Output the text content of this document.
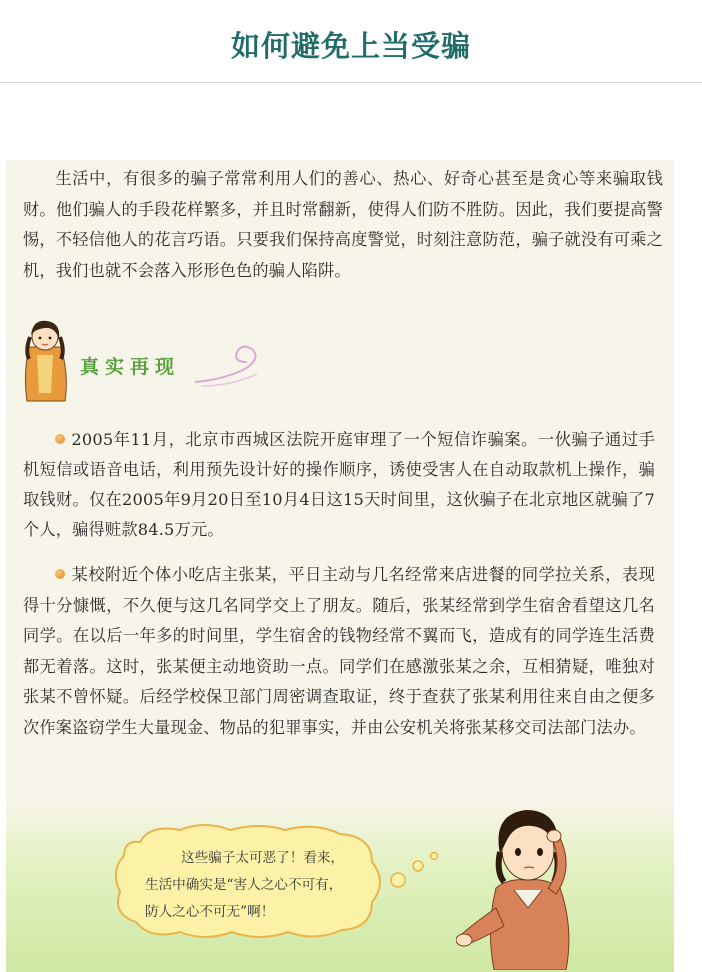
如何避免上当受骗

生活中，有很多的骗子常常利用人们的善心、热心、好奇心甚至是贪心等来骗取钱财。他们骗人的手段花样繁多，并且时常翻新，使得人们防不胜防。因此，我们要提高警惕，不轻信他人的花言巧语。只要我们保持高度警觉，时刻注意防范，骗子就没有可乘之机，我们也就不会落入形形色色的骗人陷阱。

真实再现

2005年11月，北京市西城区法院开庭审理了一个短信诈骗案。一伙骗子通过手机短信或语音电话，利用预先设计好的操作顺序，诱使受害人在自动取款机上操作，骗取钱财。仅在2005年9月20日至10月4日这15天时间里，这伙骗子在北京地区就骗了7个人，骗得赃款84.5万元。

某校附近个体小吃店主张某，平日主动与几名经常来店进餐的同学拉关系，表现得十分慷慨，不久便与这几名同学交上了朋友。随后，张某经常到学生宿舍看望这几名同学。在以后一年多的时间里，学生宿舍的钱物经常不翼而飞，造成有的同学连生活费都无着落。这时，张某便主动地资助一点。同学们在感激张某之余，互相猜疑，唯独对张某不曾怀疑。后经学校保卫部门周密调查取证，终于查获了张某利用往来自由之便多次作案盗窃学生大量现金、物品的犯罪事实，并由公安机关将张某移交司法部门法办。

这些骗子太可恶了！看来，
生活中确实是“害人之心不可有，
防人之心不可无”啊！
